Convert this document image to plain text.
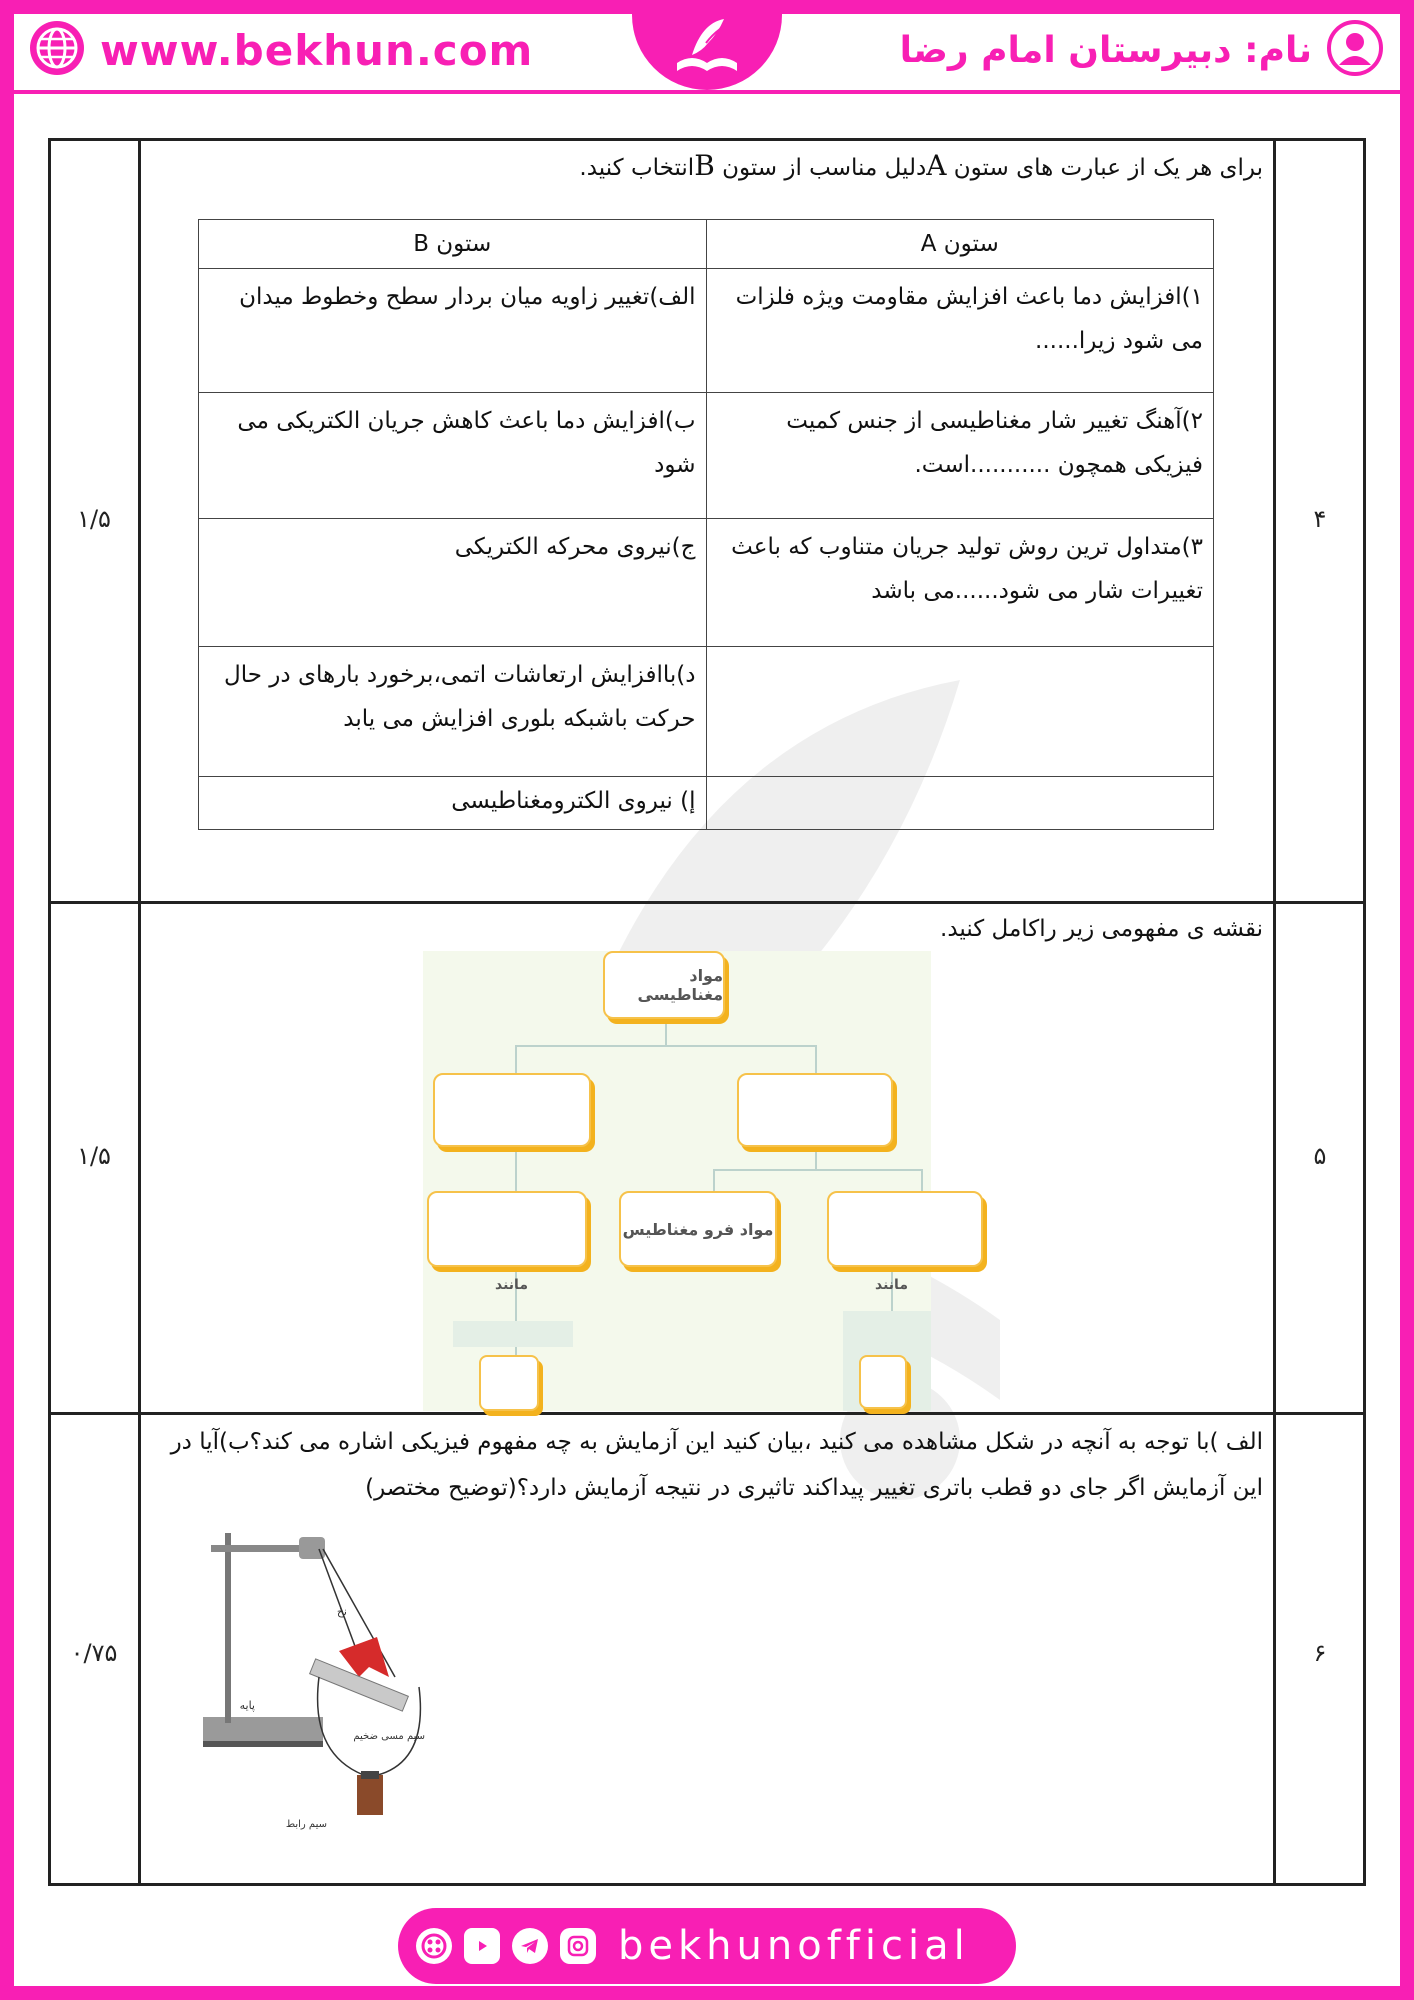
www.bekhun.com	نام: دبیرستان امام رضا
۴
۱/۵
برای هر یک از عبارت های ستون Aدلیل مناسب از ستون Bانتخاب کنید.
ستون A	ستون B
۱)افزایش دما باعث افزایش مقاومت ویژه فلزات می شود زیرا......	الف)تغییر زاویه میان بردار سطح وخطوط میدان
۲)آهنگ تغییر شار مغناطیسی از جنس کمیت فیزیکی همچون ...........است.	ب)افزایش دما باعث کاهش جریان الکتریکی می شود
۳)متداول ترین روش تولید جریان متناوب که باعث تغییرات شار می شود......می باشد	ج)نیروی محرکه الکتریکی
	د)باافزایش ارتعاشات اتمی،برخورد بارهای در حال حرکت باشبکه بلوری افزایش می یابد
	إ) نیروی الکترومغناطیسی
۵
۱/۵
نقشه ی مفهومی زیر راکامل کنید.
مواد مغناطیسی
مواد فرو مغناطیس
مانند	مانند
۶
۰/۷۵
الف )با توجه به آنچه در شکل مشاهده می کنید ،بیان کنید این آزمایش به چه مفهوم فیزیکی اشاره می کند؟ب)آیا در این آزمایش اگر جای دو قطب باتری تغییر پیداکند تاثیری در نتیجه آزمایش دارد؟(توضیح مختصر)
پایه
نخ
سیم مسی ضخیم
سیم رابط
bekhunofficial
